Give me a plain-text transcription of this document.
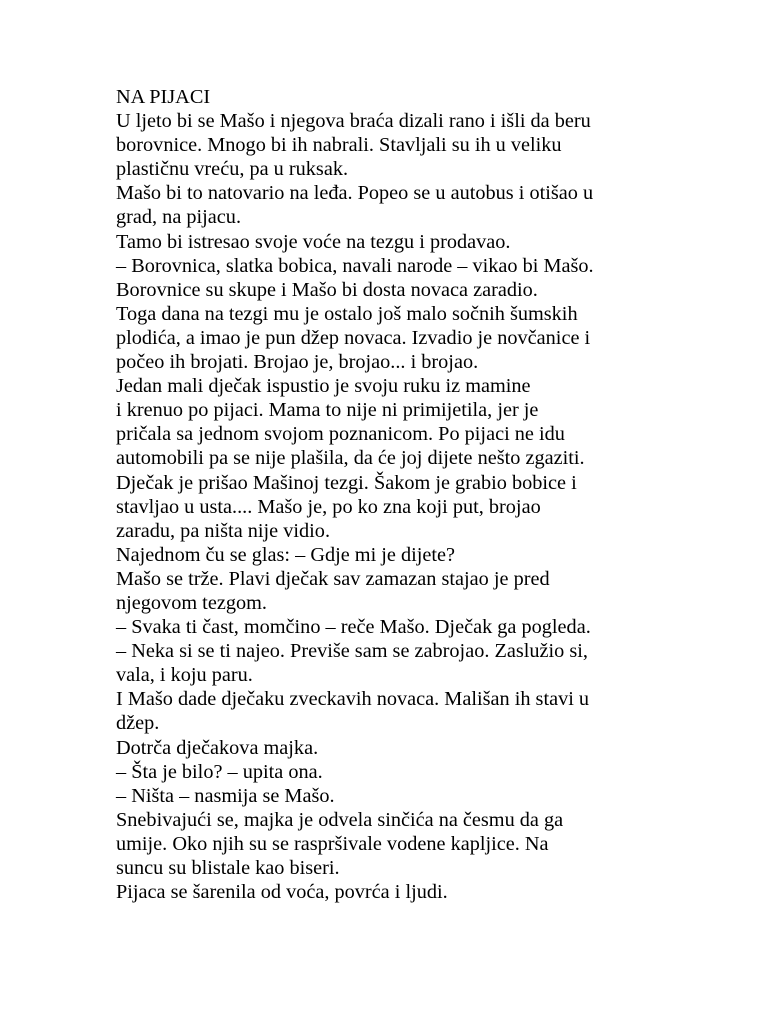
NA PIJACI
U ljeto bi se Mašo i njegova braća dizali rano i išli da beru
borovnice. Mnogo bi ih nabrali. Stavljali su ih u veliku
plastičnu vreću, pa u ruksak.
Mašo bi to natovario na leđa. Popeo se u autobus i otišao u
grad, na pijacu.
Tamo bi istresao svoje voće na tezgu i prodavao.
– Borovnica, slatka bobica, navali narode – vikao bi Mašo.
Borovnice su skupe i Mašo bi dosta novaca zaradio.
Toga dana na tezgi mu je ostalo još malo sočnih šumskih
plodića, a imao je pun džep novaca. Izvadio je novčanice i
počeo ih brojati. Brojao je, brojao... i brojao.
Jedan mali dječak ispustio je svoju ruku iz mamine
i krenuo po pijaci. Mama to nije ni primijetila, jer je
pričala sa jednom svojom poznanicom. Po pijaci ne idu
automobili pa se nije plašila, da će joj dijete nešto zgaziti.
Dječak je prišao Mašinoj tezgi. Šakom je grabio bobice i
stavljao u usta.... Mašo je, po ko zna koji put, brojao
zaradu, pa ništa nije vidio.
Najednom ču se glas: – Gdje mi je dijete?
Mašo se trže. Plavi dječak sav zamazan stajao je pred
njegovom tezgom.
– Svaka ti čast, momčino – reče Mašo. Dječak ga pogleda.
– Neka si se ti najeo. Previše sam se zabrojao. Zaslužio si,
vala, i koju paru.
I Mašo dade dječaku zveckavih novaca. Mališan ih stavi u
džep.
Dotrča dječakova majka.
– Šta je bilo? – upita ona.
– Ništa – nasmija se Mašo.
Snebivajući se, majka je odvela sinčića na česmu da ga
umije. Oko njih su se raspršivale vodene kapljice. Na
suncu su blistale kao biseri.
Pijaca se šarenila od voća, povrća i ljudi.
